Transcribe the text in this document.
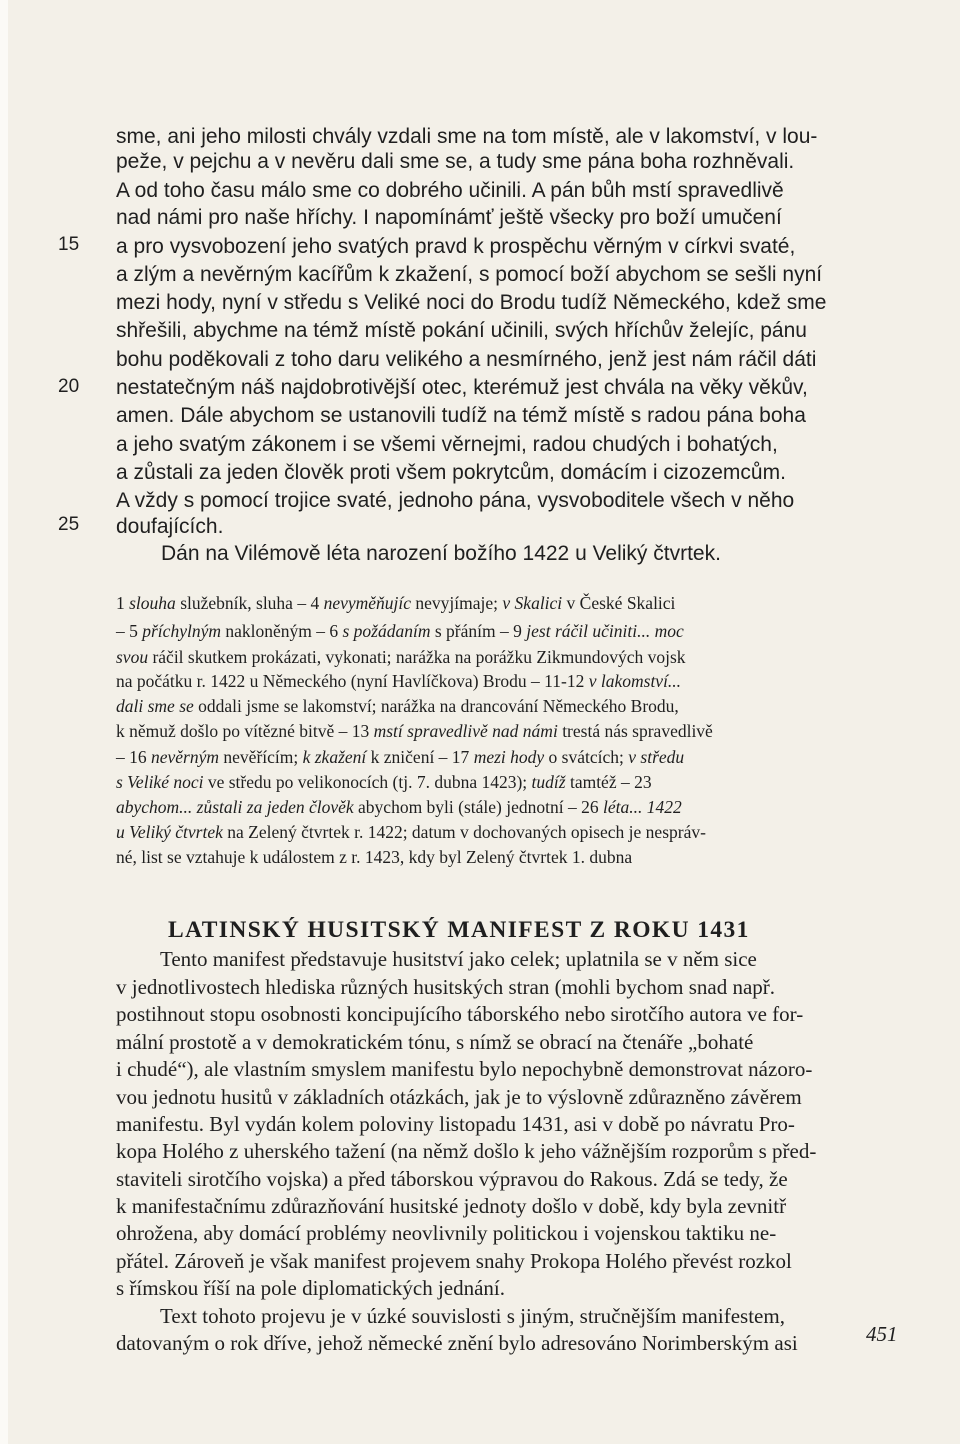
15
20
25

sme, ani jeho milosti chvály vzdali sme na tom místě, ale v lakomství, v lou-

peže, v pejchu a v nevěru dali sme se, a tudy sme pána boha rozhněvali.

A od toho času málo sme co dobrého učinili. A pán bůh mstí spravedlivě

nad námi pro naše hříchy. I napomínámť ještě všecky pro boží umučení

a pro vysvobození jeho svatých pravd k prospěchu věrným v církvi svaté,

a zlým a nevěrným kacířům k zkažení, s pomocí boží abychom se sešli nyní

mezi hody, nyní v středu s Veliké noci do Brodu tudíž Německého, kdež sme

shřešili, abychme na témž místě pokání učinili, svých hříchův želejíc, pánu

bohu poděkovali z toho daru velikého a nesmírného, jenž jest nám ráčil dáti

nestatečným náš najdobrotivější otec, kterémuž jest chvála na věky věkův,

amen. Dále abychom se ustanovili tudíž na témž místě s radou pána boha

a jeho svatým zákonem i se všemi věrnejmi, radou chudých i bohatých,

a zůstali za jeden člověk proti všem pokrytcům, domácím i cizozemcům.

A vždy s pomocí trojice svaté, jednoho pána, vysvoboditele všech v něho

doufajících.

Dán na Vilémově léta narození božího 1422 u Veliký čtvrtek.

1 slouha služebník, sluha – 4 nevyměňujíc nevyjímaje; v Skalici v České Skalici

– 5 příchylným nakloněným – 6 s požádaním s přáním – 9 jest ráčil učiniti... moc

svou ráčil skutkem prokázati, vykonati; narážka na porážku Zikmundových vojsk

na počátku r. 1422 u Německého (nyní Havlíčkova) Brodu – 11-12 v lakomství...

dali sme se oddali jsme se lakomství; narážka na drancování Německého Brodu,

k němuž došlo po vítězné bitvě – 13 mstí spravedlivě nad námi trestá nás spravedlivě

– 16 nevěrným nevěřícím; k zkažení k zničení – 17 mezi hody o svátcích; v středu

s Veliké noci ve středu po velikonocích (tj. 7. dubna 1423); tudíž tamtéž – 23

abychom... zůstali za jeden člověk abychom byli (stále) jednotní – 26 léta... 1422

u Veliký čtvrtek na Zelený čtvrtek r. 1422; datum v dochovaných opisech je nespráv-

né, list se vztahuje k událostem z r. 1423, kdy byl Zelený čtvrtek 1. dubna

LATINSKÝ HUSITSKÝ MANIFEST Z ROKU 1431

Tento manifest představuje husitství jako celek; uplatnila se v něm sice

v jednotlivostech hlediska různých husitských stran (mohli bychom snad např.

postihnout stopu osobnosti koncipujícího táborského nebo sirotčího autora ve for-

mální prostotě a v demokratickém tónu, s nímž se obrací na čtenáře „bohaté

i chudé“), ale vlastním smyslem manifestu bylo nepochybně demonstrovat názoro-

vou jednotu husitů v základních otázkách, jak je to výslovně zdůrazněno závěrem

manifestu. Byl vydán kolem poloviny listopadu 1431, asi v době po návratu Pro-

kopa Holého z uherského tažení (na němž došlo k jeho vážnějším rozporům s před-

staviteli sirotčího vojska) a před táborskou výpravou do Rakous. Zdá se tedy, že

k manifestačnímu zdůrazňování husitské jednoty došlo v době, kdy byla zevnitř

ohrožena, aby domácí problémy neovlivnily politickou i vojenskou taktiku ne-

přátel. Zároveň je však manifest projevem snahy Prokopa Holého převést rozkol

s římskou říší na pole diplomatických jednání.

Text tohoto projevu je v úzké souvislosti s jiným, stručnějším manifestem,

datovaným o rok dříve, jehož německé znění bylo adresováno Norimberským asi	451
